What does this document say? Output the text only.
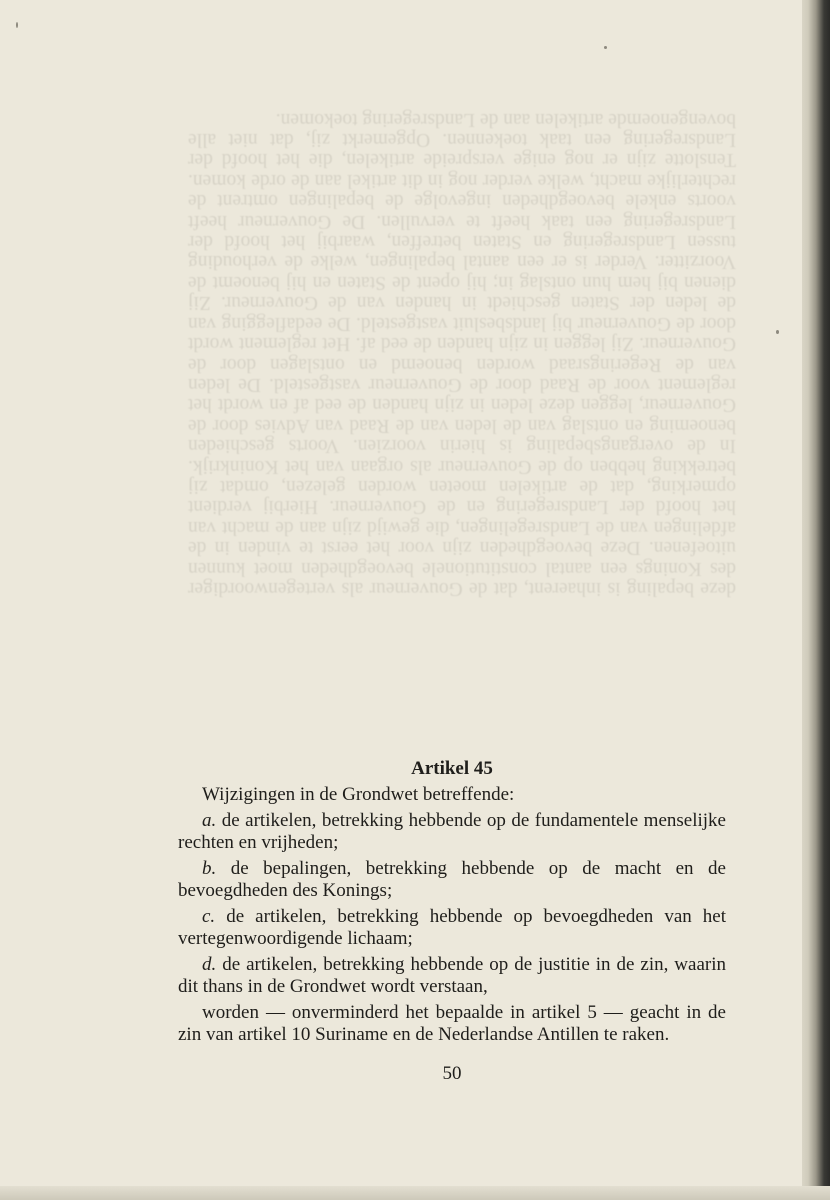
deze bepaling is inhaerent, dat de Gouverneur als vertegenwoordiger des Konings een aantal constitutionele bevoegdheden moet kunnen uitoefenen. Deze bevoegdheden zijn voor het eerst te vinden in de afdelingen van de Landsregelingen, die gewijd zijn aan de macht van het hoofd der Landsregering en de Gouverneur. Hierbij verdient opmerking, dat de artikelen moeten worden gelezen, omdat zij betrekking hebben op de Gouverneur als orgaan van het Koninkrijk. In de overgangsbepaling is hierin voorzien. Voorts geschieden benoeming en ontslag van de leden van de Raad van Advies door de Gouverneur, leggen deze leden in zijn handen de eed af en wordt het reglement voor de Raad door de Gouverneur vastgesteld. De leden van de Regeringsraad worden benoemd en ontslagen door de Gouverneur. Zij leggen in zijn handen de eed af. Het reglement wordt door de Gouverneur bij landsbesluit vastgesteld. De eedaflegging van de leden der Staten geschiedt in handen van de Gouverneur. Zij dienen bij hem hun ontslag in; hij opent de Staten en hij benoemt de Voorzitter. Verder is er een aantal bepalingen, welke de verhouding tussen Landsregering en Staten betreffen, waarbij het hoofd der Landsregering een taak heeft te vervullen. De Gouverneur heeft voorts enkele bevoegdheden ingevolge de bepalingen omtrent de rechterlijke macht, welke verder nog in dit artikel aan de orde komen. Tenslotte zijn er nog enige verspreide artikelen, die het hoofd der Landsregering een taak toekennen. Opgemerkt zij, dat niet alle bovengenoemde artikelen aan de Landsregering toekomen.

Artikel 45

Wijzigingen in de Grondwet betreffende:

a. de artikelen, betrekking hebbende op de fundamentele menselijke rechten en vrijheden;

b. de bepalingen, betrekking hebbende op de macht en de bevoegdheden des Konings;

c. de artikelen, betrekking hebbende op bevoegdheden van het vertegenwoordigende lichaam;

d. de artikelen, betrekking hebbende op de justitie in de zin, waarin dit thans in de Grondwet wordt verstaan,

worden — onverminderd het bepaalde in artikel 5 — geacht in de zin van artikel 10 Suriname en de Nederlandse Antillen te raken.

50
